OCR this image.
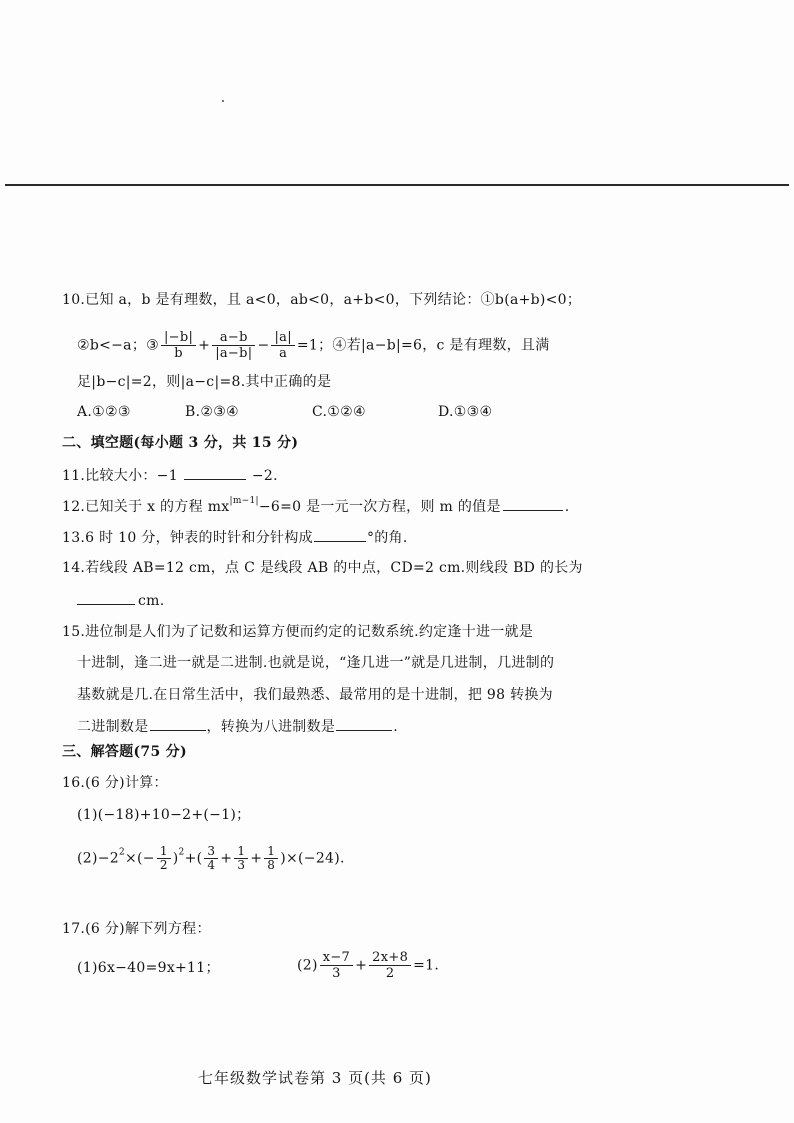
10.已知 a，b 是有理数，且 a<0，ab<0，a+b<0，下列结论：①b(a+b)<0；
②b<−a；③ $\frac{|-b|}{b} + \frac{a-b}{|a-b|} - \frac{|a|}{a} =1$；④若|a−b|=6，c 是有理数，且满
足|b−c|=2，则|a−c|=8.其中正确的是
A.①②③	B.②③④	C.①②④	D.①③④
二、填空题(每小题 3 分，共 15 分)
11.比较大小：−1	−2.
12.已知关于 x 的方程 $mx^{|m-1|}-6=0$ 是一元一次方程，则 m 的值是	.
13.6 时 10 分，钟表的时针和分针构成	°的角.
14.若线段 AB=12 cm，点 C 是线段 AB 的中点，CD=2 cm.则线段 BD 的长为
cm.
15.进位制是人们为了记数和运算方便而约定的记数系统.约定逢十进一就是
十进制，逢二进一就是二进制.也就是说，“逢几进一”就是几进制，几进制的
基数就是几.在日常生活中，我们最熟悉、最常用的是十进制，把 98 转换为
二进制数是	，转换为八进制数是	.
三、解答题(75 分)
16.(6 分)计算：
(1)(−18)+10−2+(−1)；
$(2)-2^2\times(- \frac{1}{2} )^2+( \frac{3}{4} + \frac{1}{3} + \frac{1}{8} )\times(-24)$.
17.(6 分)解下列方程：
(1)6x−40=9x+11；	$(2) \frac{x-7}{3} + \frac{2x+8}{2} =1$.
七年级数学试卷第 3 页(共 6 页)
